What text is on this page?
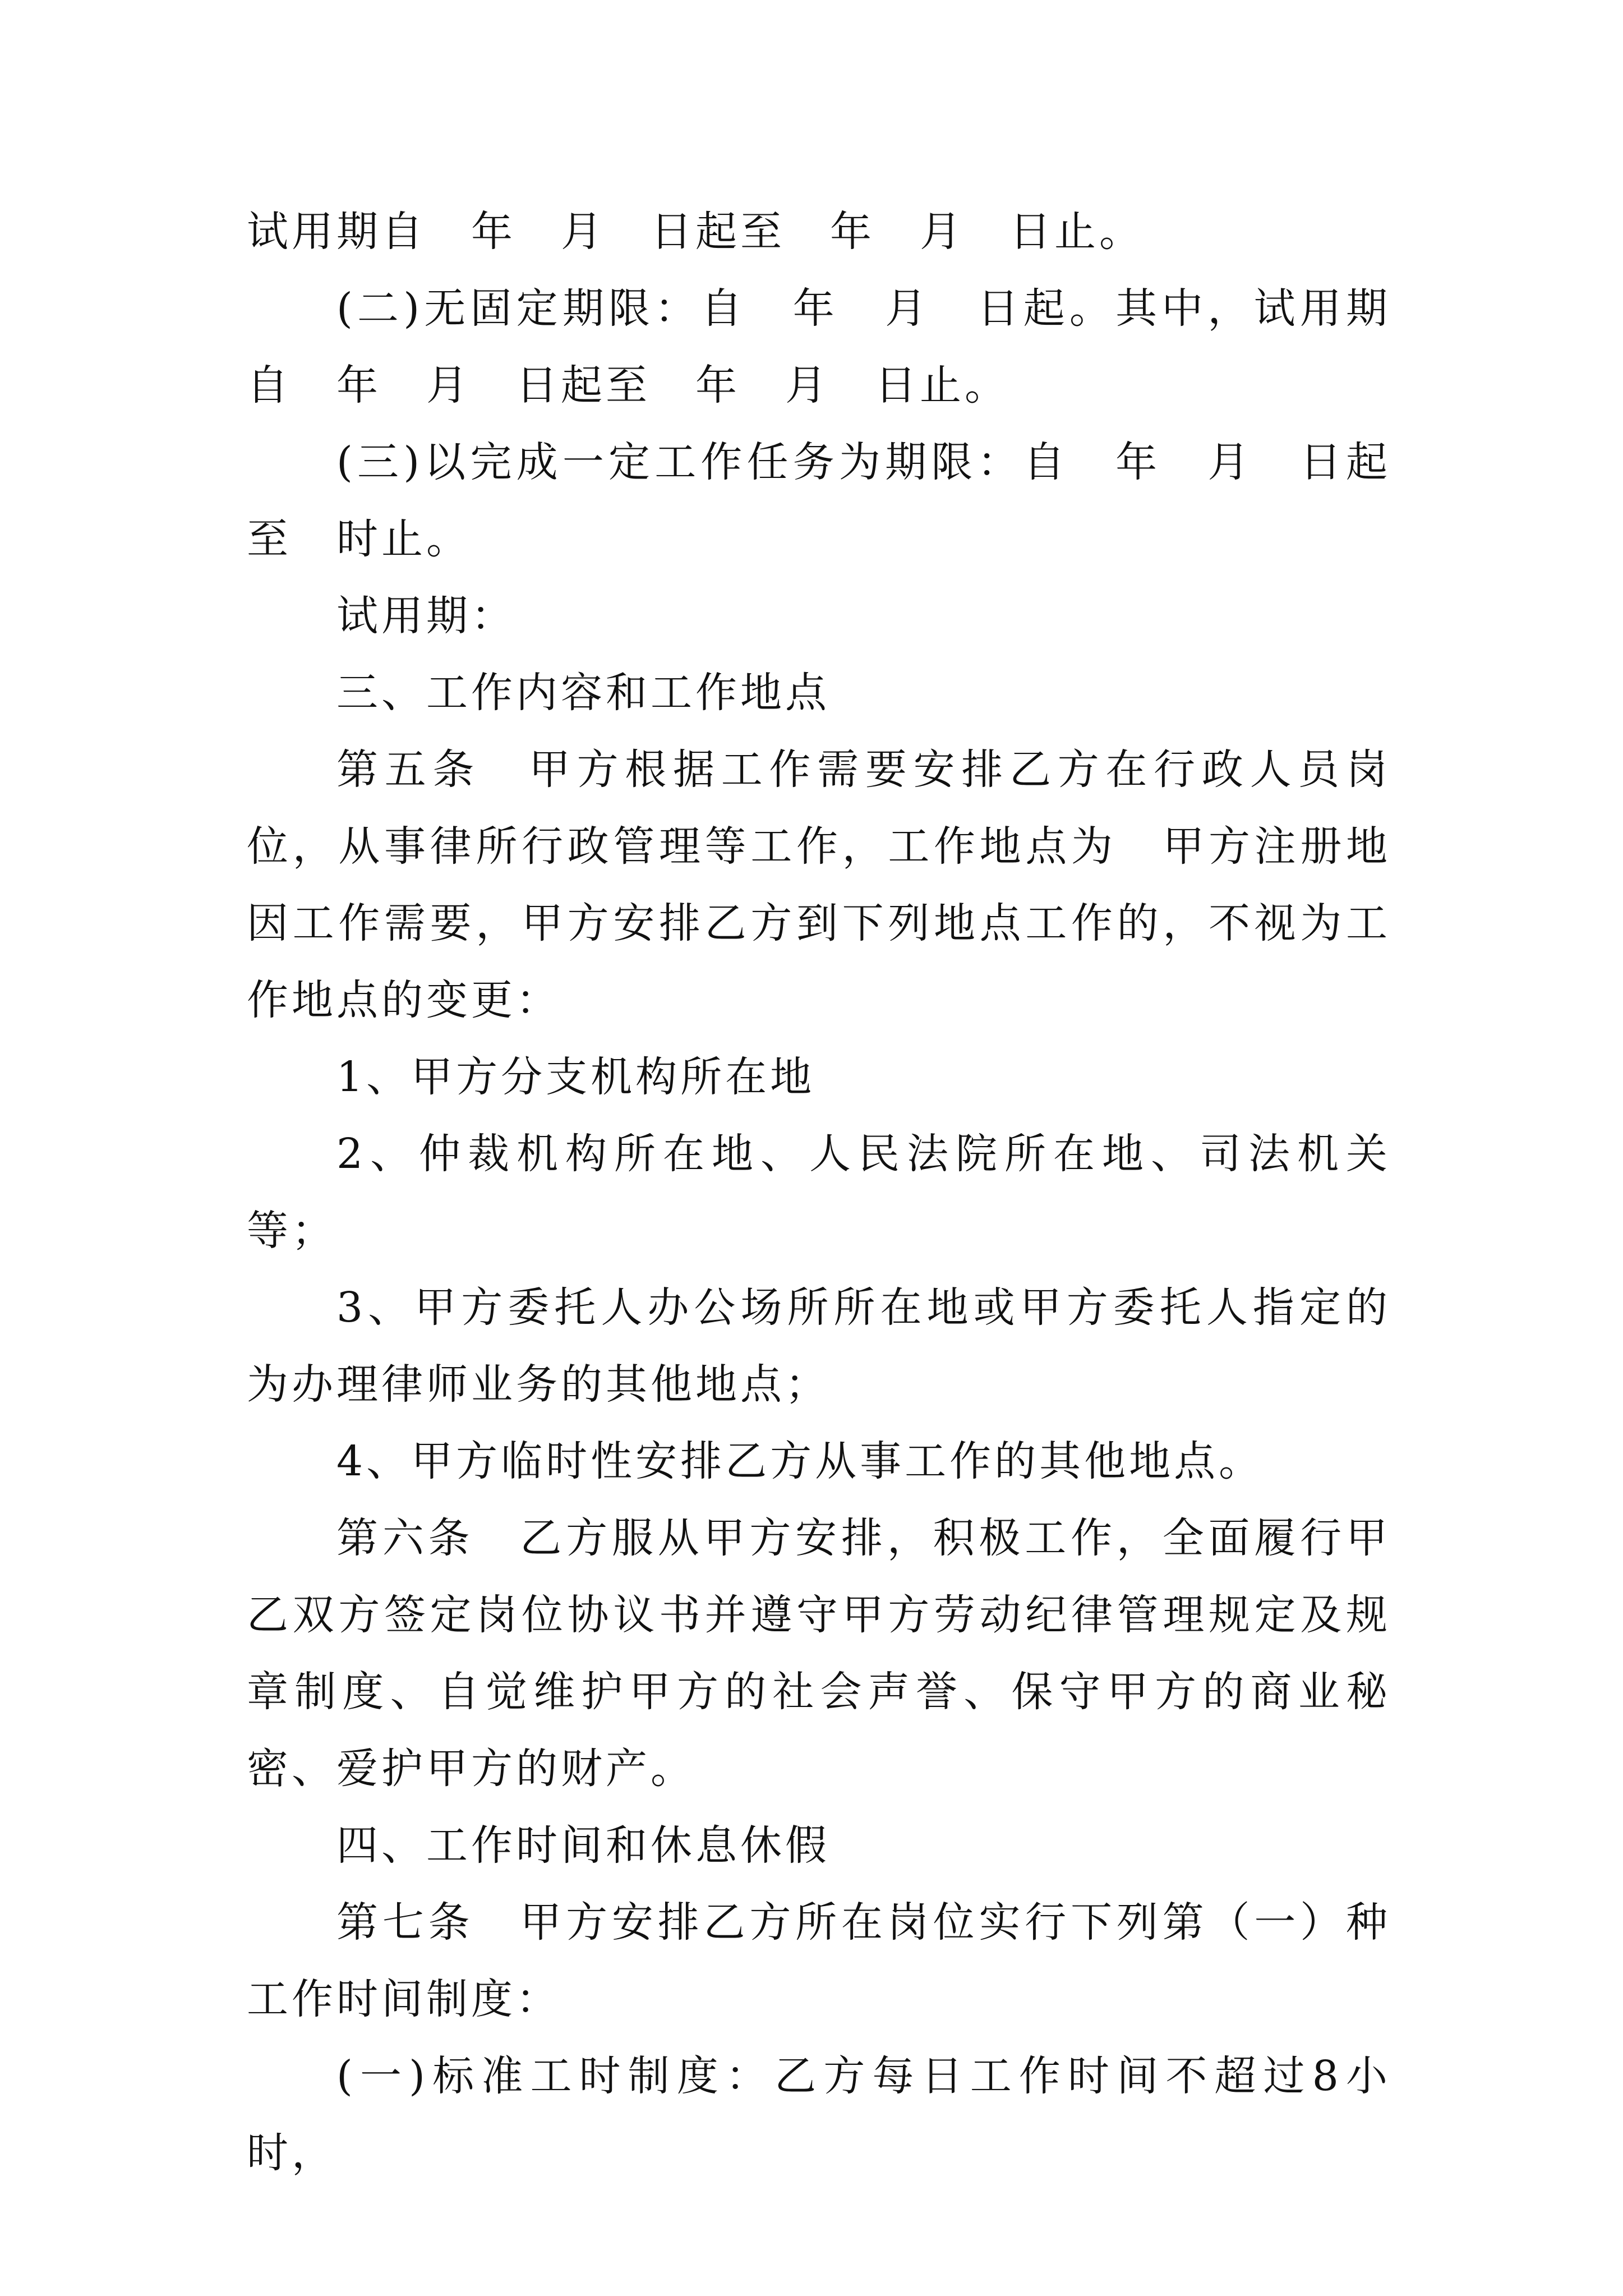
试用期自　年　月　日起至　年　月　日止。

(二)无固定期限：自　年　月　日起。其中，试用期自　年　月　日起至　年　月　日止。

(三)以完成一定工作任务为期限：自　年　月　日起至　时止。

试用期：

三、工作内容和工作地点

第五条　甲方根据工作需要安排乙方在行政人员岗位，从事律所行政管理等工作，工作地点为　甲方注册地因工作需要，甲方安排乙方到下列地点工作的，不视为工作地点的变更：

1、甲方分支机构所在地

2、仲裁机构所在地、人民法院所在地、司法机关等；

3、甲方委托人办公场所所在地或甲方委托人指定的为办理律师业务的其他地点；

4、甲方临时性安排乙方从事工作的其他地点。

第六条　乙方服从甲方安排，积极工作，全面履行甲乙双方签定岗位协议书并遵守甲方劳动纪律管理规定及规章制度、自觉维护甲方的社会声誉、保守甲方的商业秘密、爱护甲方的财产。

四、工作时间和休息休假

第七条　甲方安排乙方所在岗位实行下列第（一）种工作时间制度：

(一)标准工时制度：乙方每日工作时间不超过8小时，
